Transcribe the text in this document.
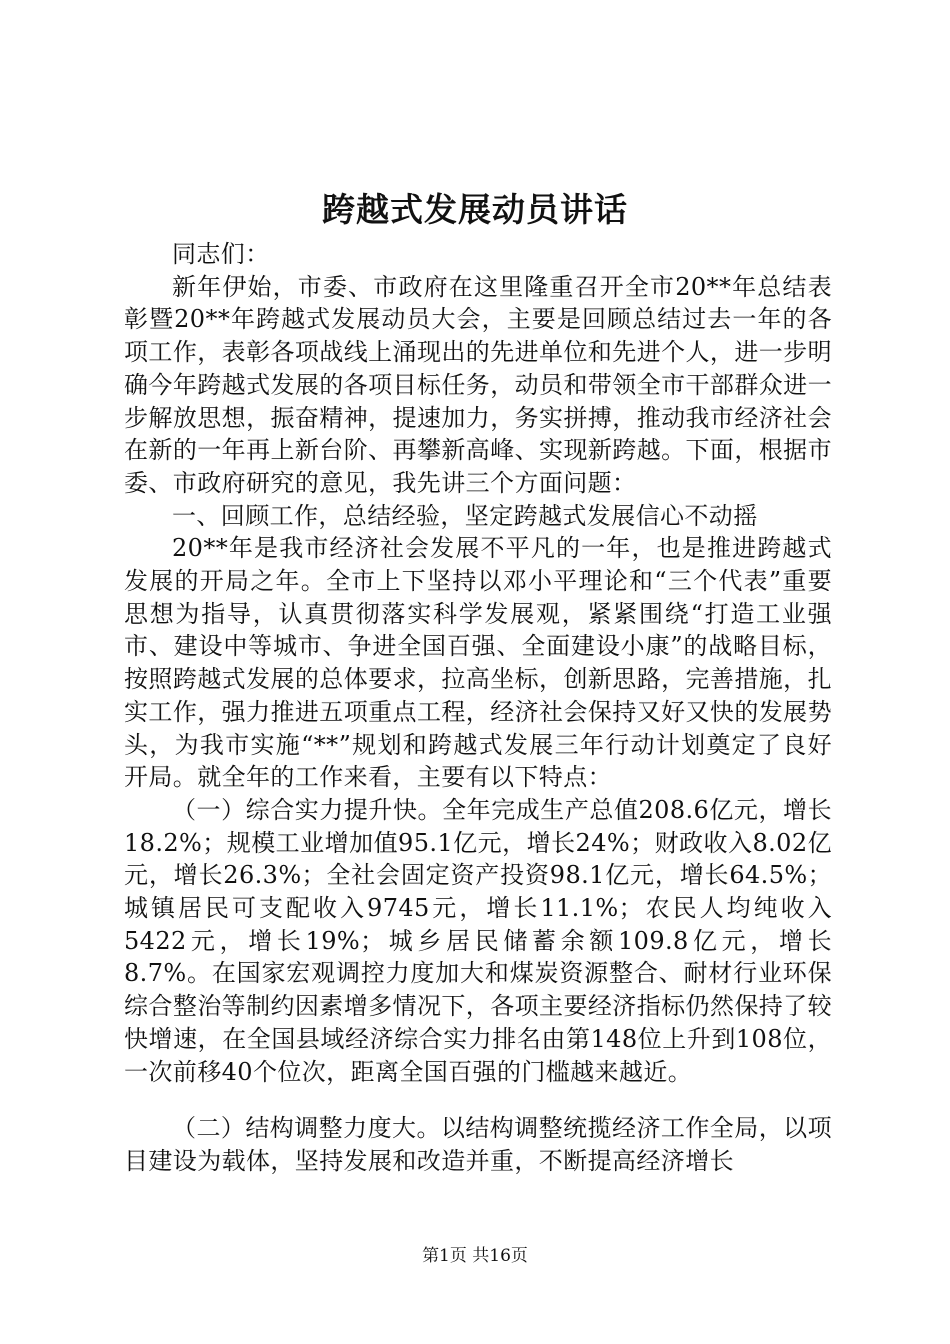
跨越式发展动员讲话

同志们：

新年伊始，市委、市政府在这里隆重召开全市20**年总结表彰暨20**年跨越式发展动员大会，主要是回顾总结过去一年的各项工作，表彰各项战线上涌现出的先进单位和先进个人，进一步明确今年跨越式发展的各项目标任务，动员和带领全市干部群众进一步解放思想，振奋精神，提速加力，务实拼搏，推动我市经济社会在新的一年再上新台阶、再攀新高峰、实现新跨越。下面，根据市委、市政府研究的意见，我先讲三个方面问题：

一、回顾工作，总结经验，坚定跨越式发展信心不动摇

20**年是我市经济社会发展不平凡的一年，也是推进跨越式发展的开局之年。全市上下坚持以邓小平理论和“三个代表”重要思想为指导，认真贯彻落实科学发展观，紧紧围绕“打造工业强市、建设中等城市、争进全国百强、全面建设小康”的战略目标，按照跨越式发展的总体要求，拉高坐标，创新思路，完善措施，扎实工作，强力推进五项重点工程，经济社会保持又好又快的发展势头，为我市实施“**”规划和跨越式发展三年行动计划奠定了良好开局。就全年的工作来看，主要有以下特点：

（一）综合实力提升快。全年完成生产总值208.6亿元，增长18.2%；规模工业增加值95.1亿元，增长24%；财政收入8.02亿元，增长26.3%；全社会固定资产投资98.1亿元，增长64.5%；城镇居民可支配收入9745元，增长11.1%；农民人均纯收入5422元，增长19%；城乡居民储蓄余额109.8亿元，增长8.7%。在国家宏观调控力度加大和煤炭资源整合、耐材行业环保综合整治等制约因素增多情况下，各项主要经济指标仍然保持了较快增速，在全国县域经济综合实力排名由第148位上升到108位，一次前移40个位次，距离全国百强的门槛越来越近。

（二）结构调整力度大。以结构调整统揽经济工作全局，以项目建设为载体，坚持发展和改造并重，不断提高经济增长

第1页 共16页
